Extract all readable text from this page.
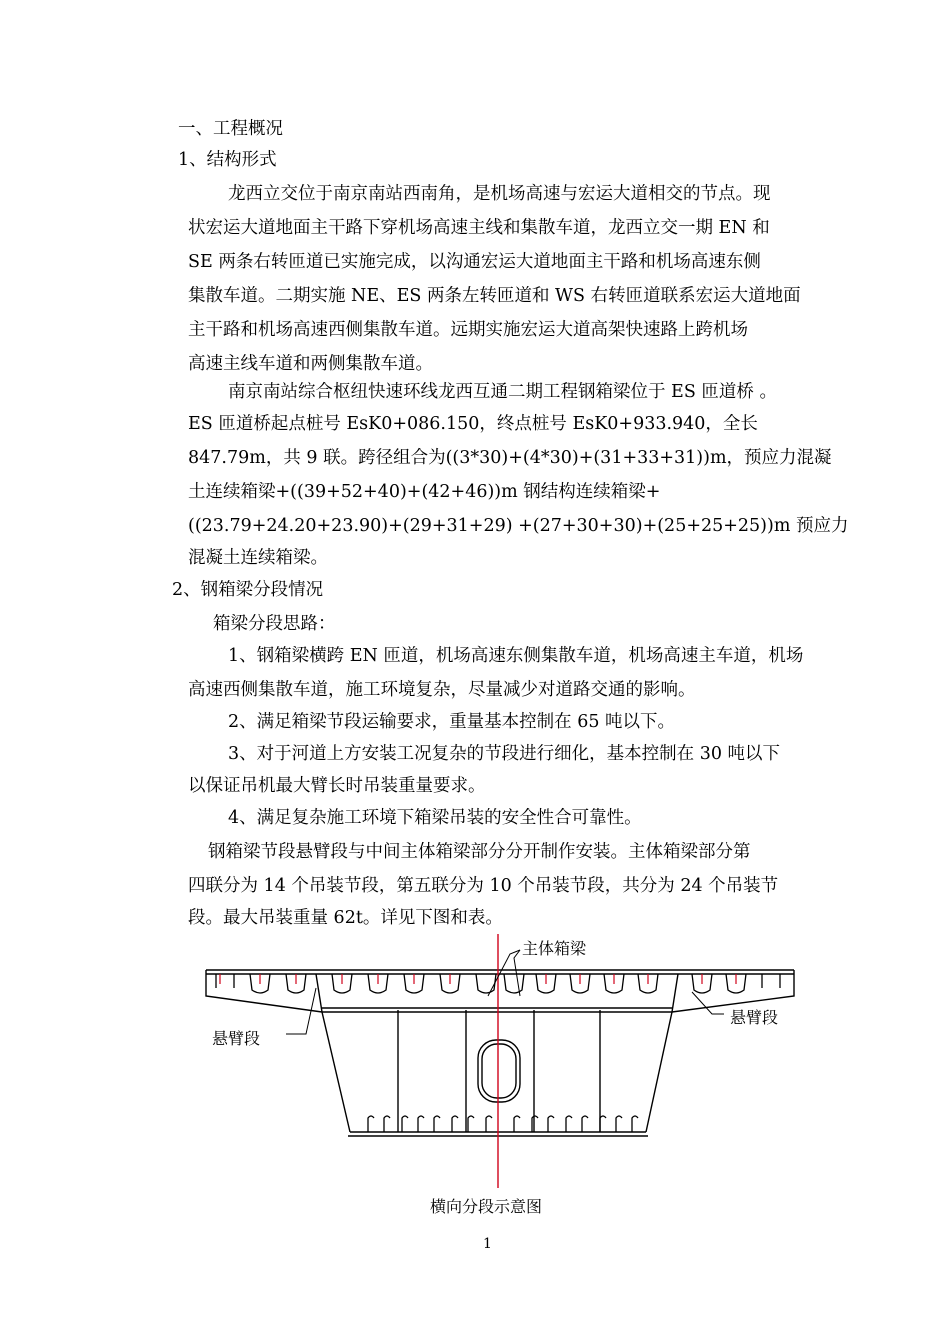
一、工程概况
1、结构形式
龙西立交位于南京南站西南角，是机场高速与宏运大道相交的节点。现
状宏运大道地面主干路下穿机场高速主线和集散车道，龙西立交一期 EN 和
SE 两条右转匝道已实施完成，以沟通宏运大道地面主干路和机场高速东侧
集散车道。二期实施 NE、ES 两条左转匝道和 WS 右转匝道联系宏运大道地面
主干路和机场高速西侧集散车道。远期实施宏运大道高架快速路上跨机场
高速主线车道和两侧集散车道。
南京南站综合枢纽快速环线龙西互通二期工程钢箱梁位于 ES 匝道桥 。
ES 匝道桥起点桩号 EsK0+086.150，终点桩号 EsK0+933.940，全长
847.79m，共 9 联。跨径组合为((3*30)+(4*30)+(31+33+31))m，预应力混凝
土连续箱梁+((39+52+40)+(42+46))m 钢结构连续箱梁+
((23.79+24.20+23.90)+(29+31+29) +(27+30+30)+(25+25+25))m 预应力
混凝土连续箱梁。
2、钢箱梁分段情况
箱梁分段思路：
1、钢箱梁横跨 EN 匝道，机场高速东侧集散车道，机场高速主车道，机场
高速西侧集散车道，施工环境复杂，尽量减少对道路交通的影响。
2、满足箱梁节段运输要求，重量基本控制在 65 吨以下。
3、对于河道上方安装工况复杂的节段进行细化，基本控制在 30 吨以下
以保证吊机最大臂长时吊装重量要求。
4、满足复杂施工环境下箱梁吊装的安全性合可靠性。
钢箱梁节段悬臂段与中间主体箱梁部分分开制作安装。主体箱梁部分第
四联分为 14 个吊装节段，第五联分为 10 个吊装节段，共分为 24 个吊装节
段。最大吊装重量 62t。详见下图和表。
主体箱梁
悬臂段
悬臂段
横向分段示意图
1
